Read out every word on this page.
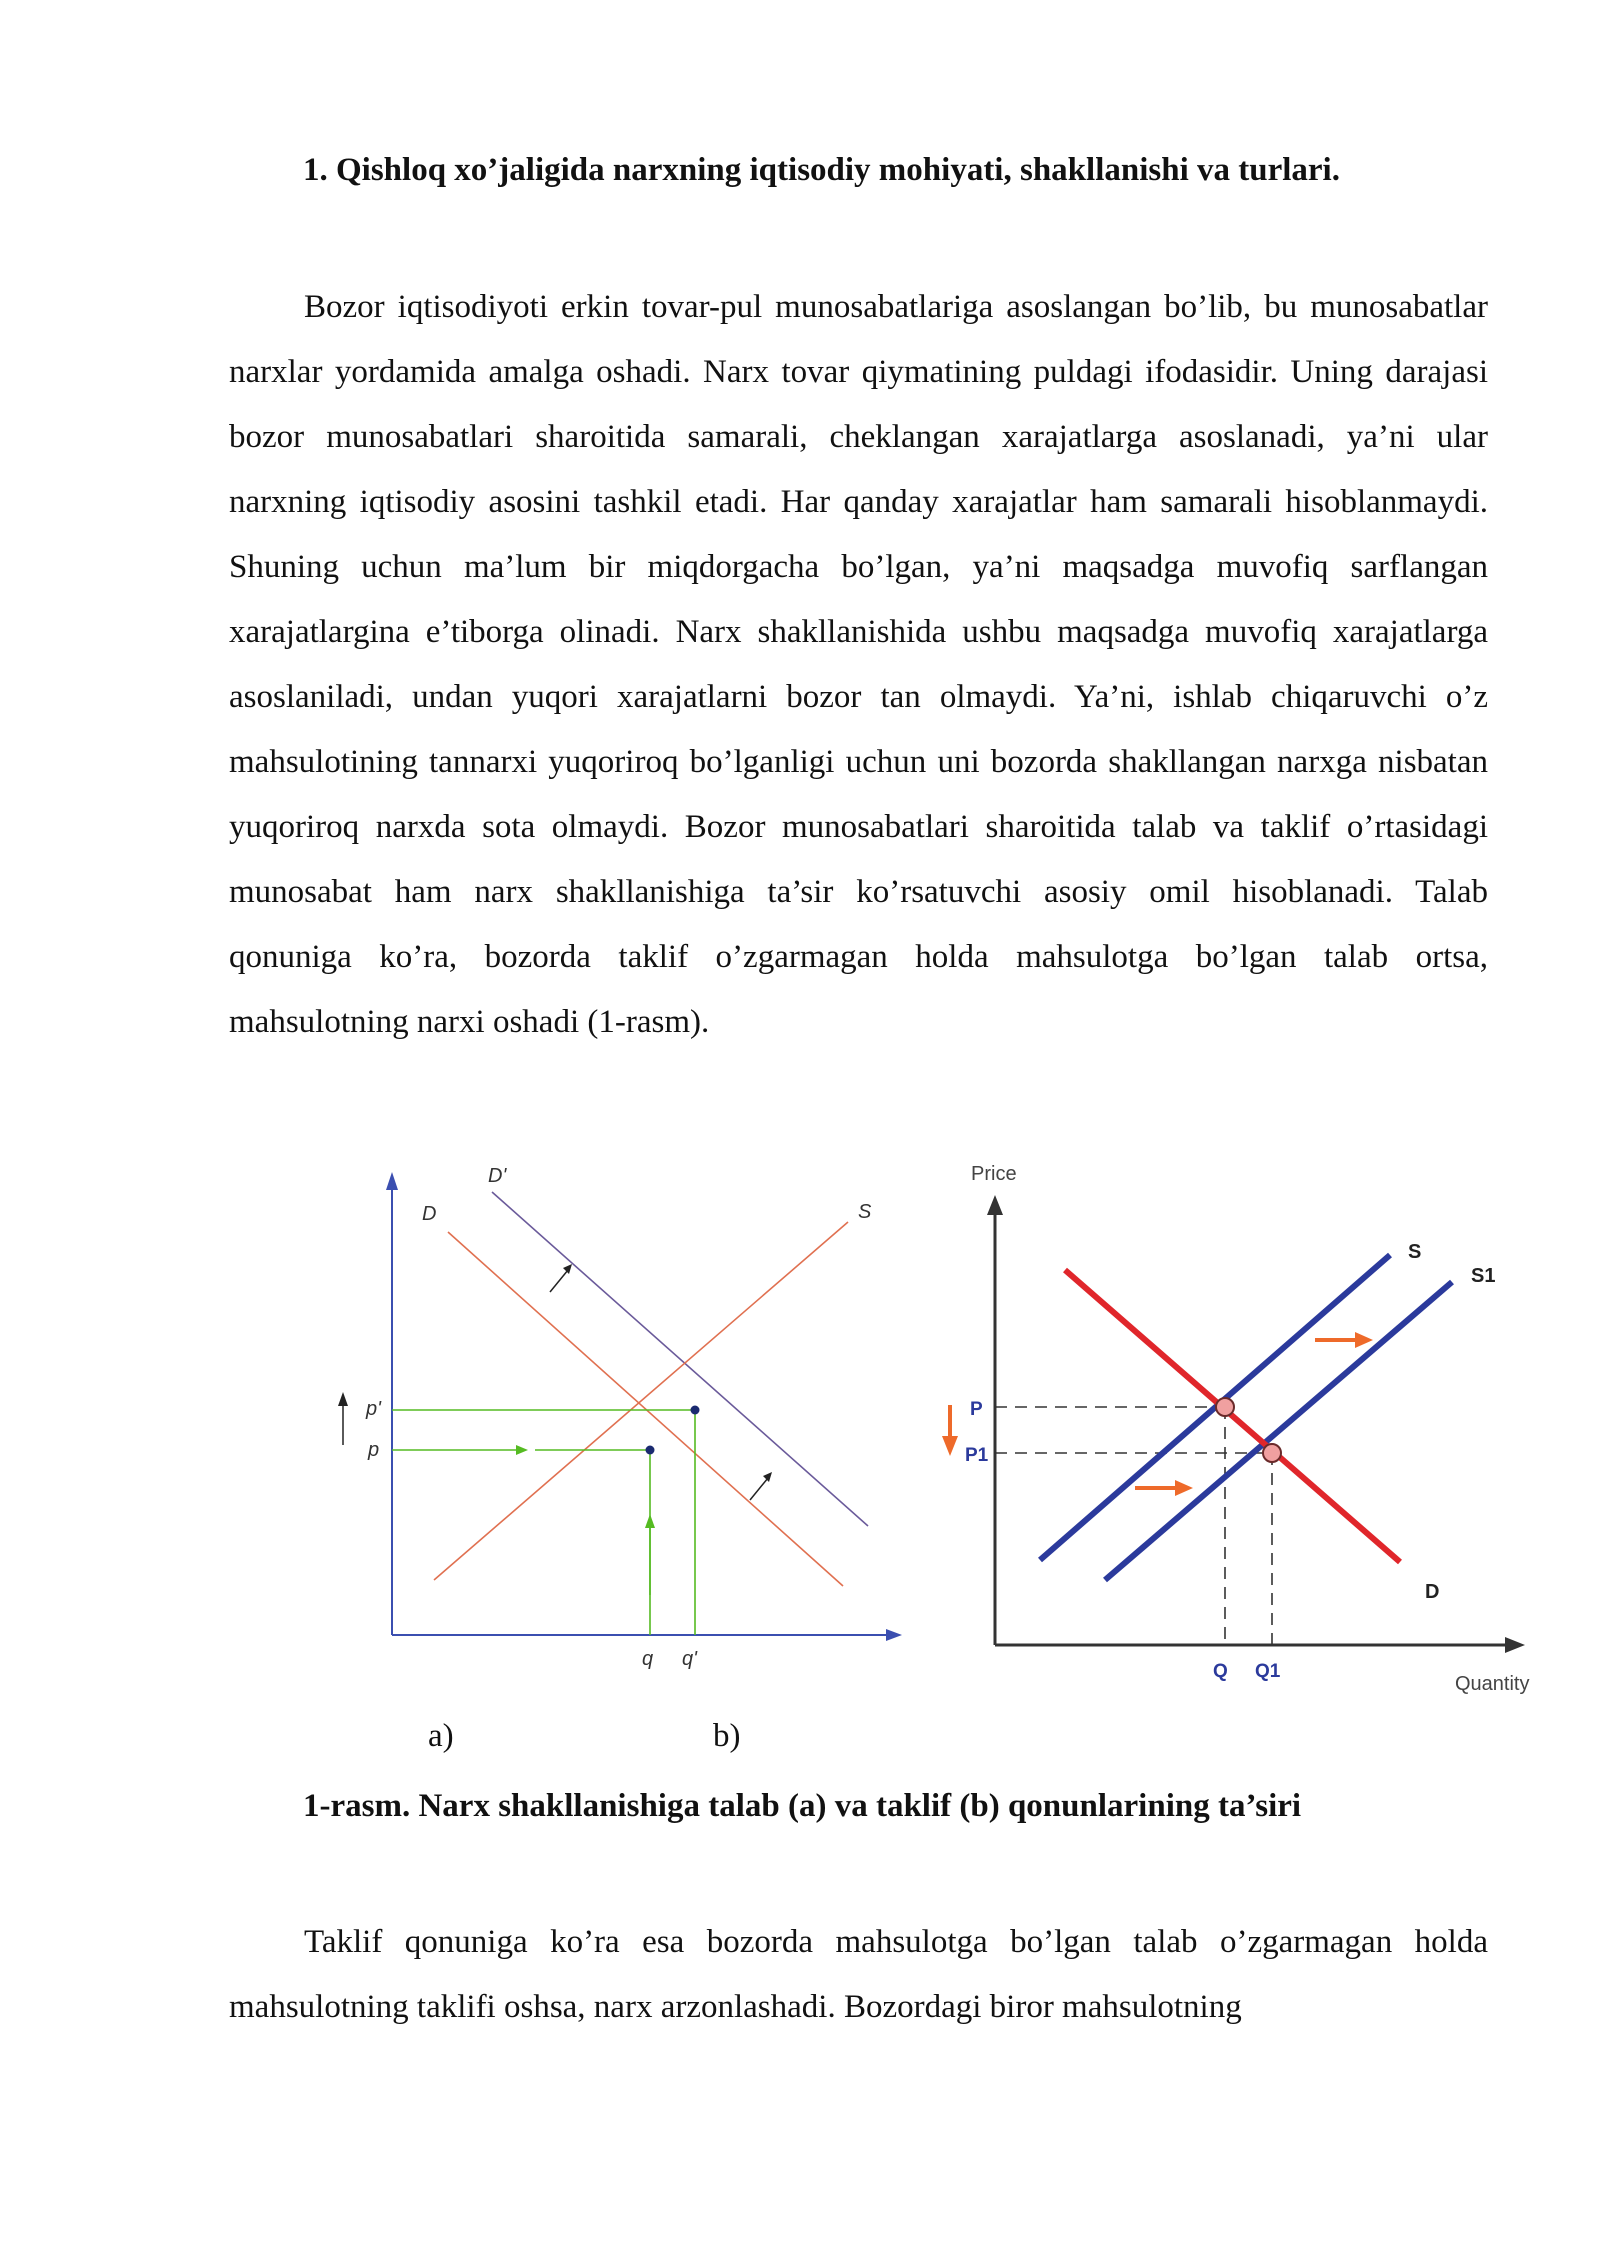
1. Qishloq xo’jaligida narxning iqtisodiy mohiyati, shakllanishi va turlari.

Bozor iqtisodiyoti erkin tovar-pul munosabatlariga asoslangan bo’lib, bu munosabatlar narxlar yordamida amalga oshadi. Narx tovar qiymatining puldagi ifodasidir. Uning darajasi bozor munosabatlari sharoitida samarali, cheklangan xarajatlarga asoslanadi, ya’ni ular narxning iqtisodiy asosini tashkil etadi. Har qanday xarajatlar ham samarali hisoblanmaydi. Shuning uchun ma’lum bir miqdorgacha bo’lgan, ya’ni maqsadga muvofiq sarflangan xarajatlargina e’tiborga olinadi. Narx shakllanishida ushbu maqsadga muvofiq xarajatlarga asoslaniladi, undan yuqori xarajatlarni bozor tan olmaydi. Ya’ni, ishlab chiqaruvchi o’z mahsulotining tannarxi yuqoriroq bo’lganligi uchun uni bozorda shakllangan narxga nisbatan yuqoriroq narxda sota olmaydi. Bozor munosabatlari sharoitida talab va taklif o’rtasidagi munosabat ham narx shakllanishiga ta’sir ko’rsatuvchi asosiy omil hisoblanadi. Talab qonuniga ko’ra, bozorda taklif o’zgarmagan holda mahsulotga bo’lgan talab ortsa, mahsulotning narxi oshadi (1-rasm).

D
D'
S
p'
p
q q'
Price
Quantity
S
S1
D
P
P1
Q Q1
a)	b)
1-rasm. Narx shakllanishiga talab (a) va taklif (b) qonunlarining ta’siri

Taklif qonuniga ko’ra esa bozorda mahsulotga bo’lgan talab o’zgarmagan holda mahsulotning taklifi oshsa, narx arzonlashadi. Bozordagi biror mahsulotning
